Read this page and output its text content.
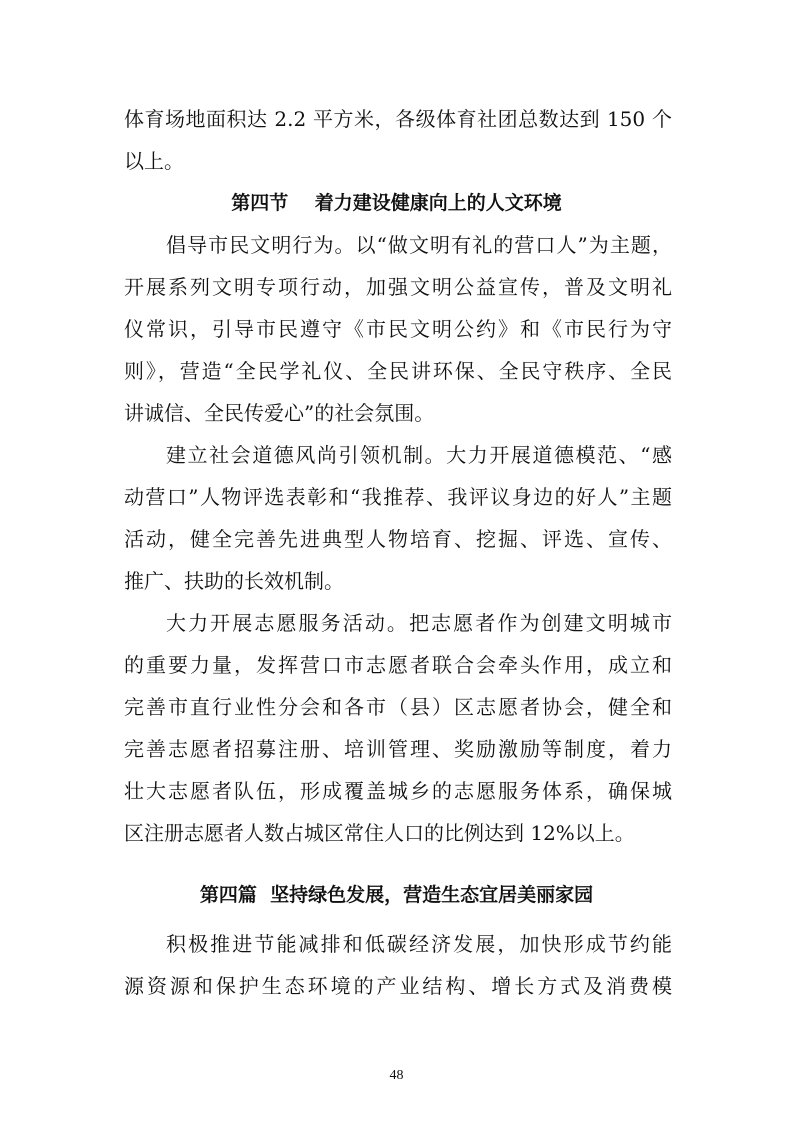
体育场地面积达 2.2 平方米，各级体育社团总数达到 150 个
以上。
第四节    着力建设健康向上的人文环境
倡导市民文明行为。以“做文明有礼的营口人”为主题，
开展系列文明专项行动，加强文明公益宣传，普及文明礼
仪常识，引导市民遵守《市民文明公约》和《市民行为守
则》，营造“全民学礼仪、全民讲环保、全民守秩序、全民
讲诚信、全民传爱心”的社会氛围。
建立社会道德风尚引领机制。大力开展道德模范、“感
动营口”人物评选表彰和“我推荐、我评议身边的好人”主题
活动，健全完善先进典型人物培育、挖掘、评选、宣传、
推广、扶助的长效机制。
大力开展志愿服务活动。把志愿者作为创建文明城市
的重要力量，发挥营口市志愿者联合会牵头作用，成立和
完善市直行业性分会和各市（县）区志愿者协会，健全和
完善志愿者招募注册、培训管理、奖励激励等制度，着力
壮大志愿者队伍，形成覆盖城乡的志愿服务体系，确保城
区注册志愿者人数占城区常住人口的比例达到 12%以上。
第四篇  坚持绿色发展，营造生态宜居美丽家园
积极推进节能减排和低碳经济发展，加快形成节约能
源资源和保护生态环境的产业结构、增长方式及消费模
48
